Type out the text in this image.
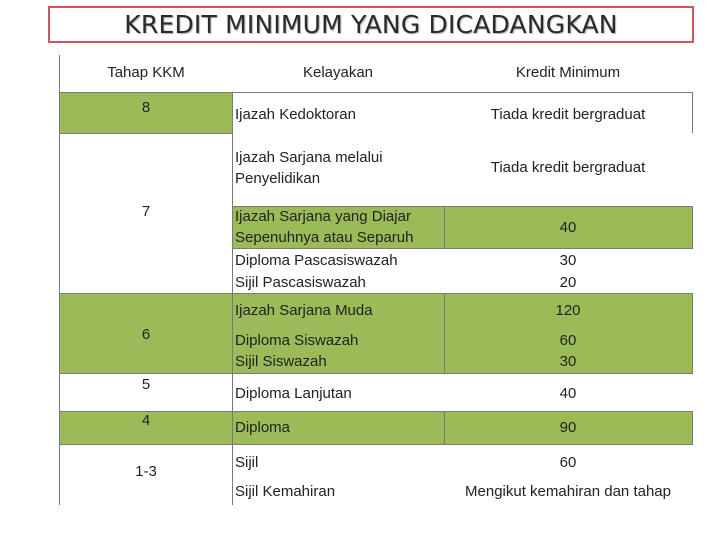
KREDIT MINIMUM YANG DICADANGKAN
Tahap KKM	Kelayakan	Kredit Minimum
8
7
6
5
4
1-3
Ijazah Kedoktoran
Ijazah Sarjana melalui
Penyelidikan
Ijazah Sarjana yang Diajar
Sepenuhnya atau Separuh
Diploma Pascasiswazah
Sijil Pascasiswazah
Ijazah Sarjana Muda
Diploma Siswazah
Sijil Siswazah
Diploma Lanjutan
Diploma
Sijil
Sijil Kemahiran
Tiada kredit bergraduat
Tiada kredit bergraduat
40
30
20
120
60
30
40
90
60
Mengikut kemahiran dan tahap
